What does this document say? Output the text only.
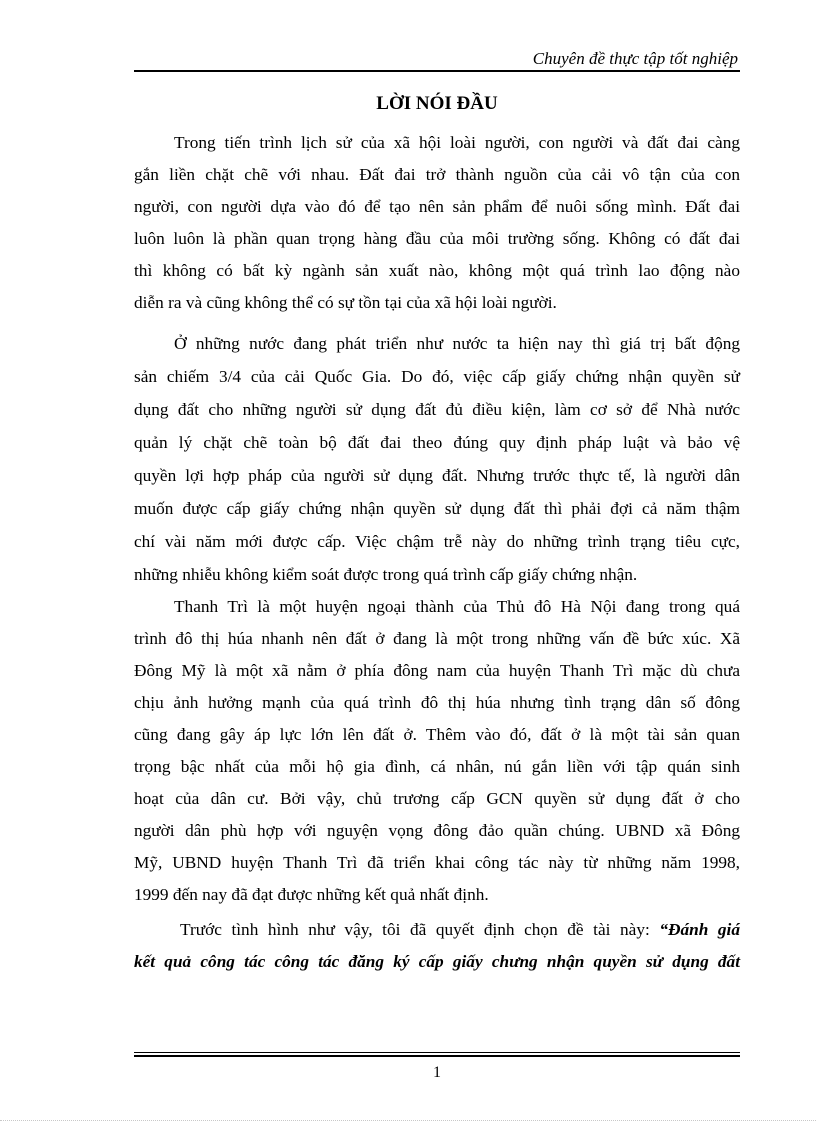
Chuyên đề thực tập tốt nghiệp
LỜI NÓI ĐẦU
Trong tiến trình lịch sử của xã hội loài người, con người và đất đai càng
gắn liền chặt chẽ với nhau. Đất đai trở thành nguồn của cải vô tận của con
người, con người dựa vào đó để tạo nên sản phẩm để nuôi sống mình. Đất đai
luôn luôn là phần quan trọng hàng đầu của môi trường sống. Không có đất đai
thì không có bất kỳ ngành sản xuất nào, không một quá trình lao động nào
diễn ra và cũng không thể có sự tồn tại của xã hội loài người.
Ở những nước đang phát triển như nước ta hiện nay thì giá trị bất động
sản chiếm 3/4 của cải Quốc Gia. Do đó, việc cấp giấy chứng nhận quyền sử
dụng đất cho những người sử dụng đất đủ điều kiện, làm cơ sở để Nhà nước
quản lý chặt chẽ toàn bộ đất đai theo đúng quy định pháp luật và bảo vệ
quyền lợi hợp pháp của người sử dụng đất. Nhưng trước thực tế, là người dân
muốn được cấp giấy chứng nhận quyền sử dụng đất thì phải đợi cả năm thậm
chí vài năm mới được cấp. Việc chậm trễ này do những trình trạng tiêu cực,
những nhiễu không kiểm soát được trong quá trình cấp giấy chứng nhận.
Thanh Trì là một huyện ngoại thành của Thủ đô Hà Nội đang trong quá
trình đô thị húa nhanh nên đất ở đang là một trong những vấn đề bức xúc. Xã
Đông Mỹ là một xã nằm ở phía đông nam của huyện Thanh Trì mặc dù chưa
chịu ảnh hưởng mạnh của quá trình đô thị húa nhưng tình trạng dân số đông
cũng đang gây áp lực lớn lên đất ở. Thêm vào đó, đất ở là một tài sản quan
trọng bậc nhất của mỗi hộ gia đình, cá nhân, nú gắn liền với tập quán sinh
hoạt của dân cư. Bởi vậy, chủ trương cấp GCN quyền sử dụng đất ở cho
người dân phù hợp với nguyện vọng đông đảo quần chúng. UBND xã Đông
Mỹ, UBND huyện Thanh Trì đã triển khai công tác này từ những năm 1998,
1999 đến nay đã đạt được những kết quả nhất định.
Trước tình hình như vậy, tôi đã quyết định chọn đề tài này: “Đánh giá
kết quả công tác công tác đăng ký cấp giấy chưng nhận quyền sử dụng đất
1
